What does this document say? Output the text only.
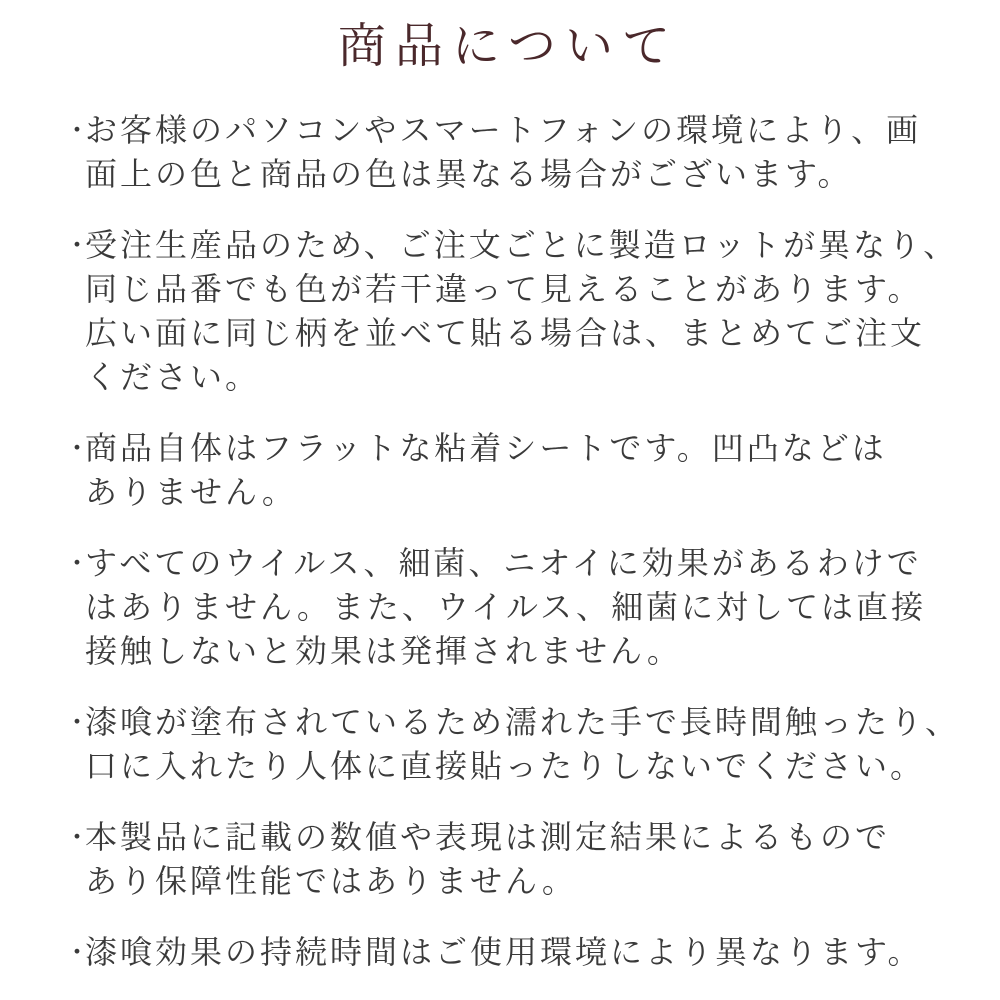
商品について
・
お客様のパソコンやスマートフォンの環境により、画
面上の色と商品の色は異なる場合がございます。
・
受注生産品のため、ご注文ごとに製造ロットが異なり、
同じ品番でも色が若干違って見えることがあります。
広い面に同じ柄を並べて貼る場合は、まとめてご注文
ください。
・
商品自体はフラットな粘着シートです。凹凸などは
ありません。
・
すべてのウイルス、細菌、ニオイに効果があるわけで
はありません。また、ウイルス、細菌に対しては直接
接触しないと効果は発揮されません。
・
漆喰が塗布されているため濡れた手で長時間触ったり、
口に入れたり人体に直接貼ったりしないでください。
・
本製品に記載の数値や表現は測定結果によるもので
あり保障性能ではありません。
・
漆喰効果の持続時間はご使用環境により異なります。
